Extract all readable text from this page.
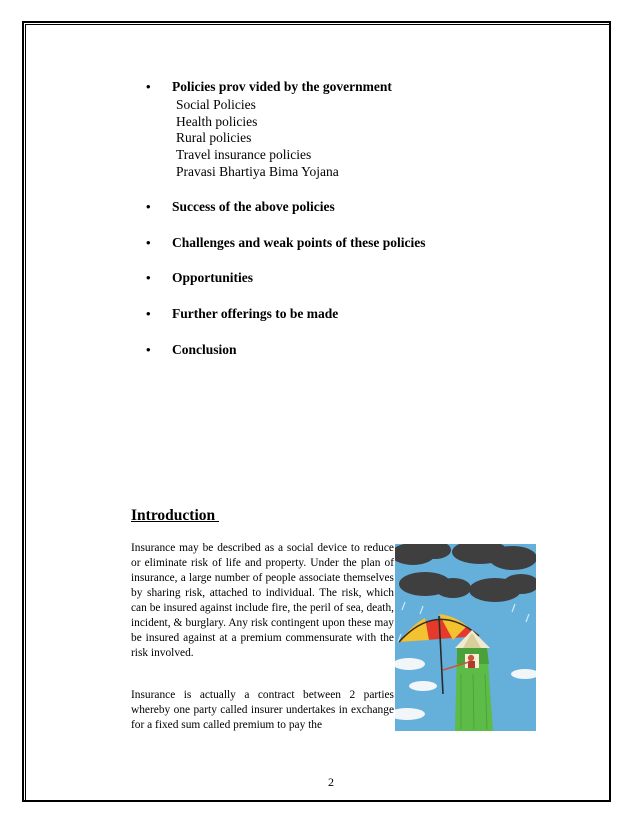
• Policies prov vided by the government
Social Policies
Health policies
Rural policies
Travel insurance policies
Pravasi Bhartiya Bima Yojana
• Success of the above policies
• Challenges and weak points of these policies
• Opportunities
• Further offerings to be made
• Conclusion
Introduction

Insurance may be described as a social device to reduce or eliminate risk of life and property. Under the plan of insurance, a large number of people associate themselves by sharing risk, attached to individual. The risk, which can be insured against include fire, the peril of sea, death, incident, & burglary. Any risk contingent upon these may be insured against at a premium commensurate with the risk involved.

Insurance is actually a contract between 2 parties whereby one party called insurer undertakes in exchange for a fixed sum called premium to pay the

2
